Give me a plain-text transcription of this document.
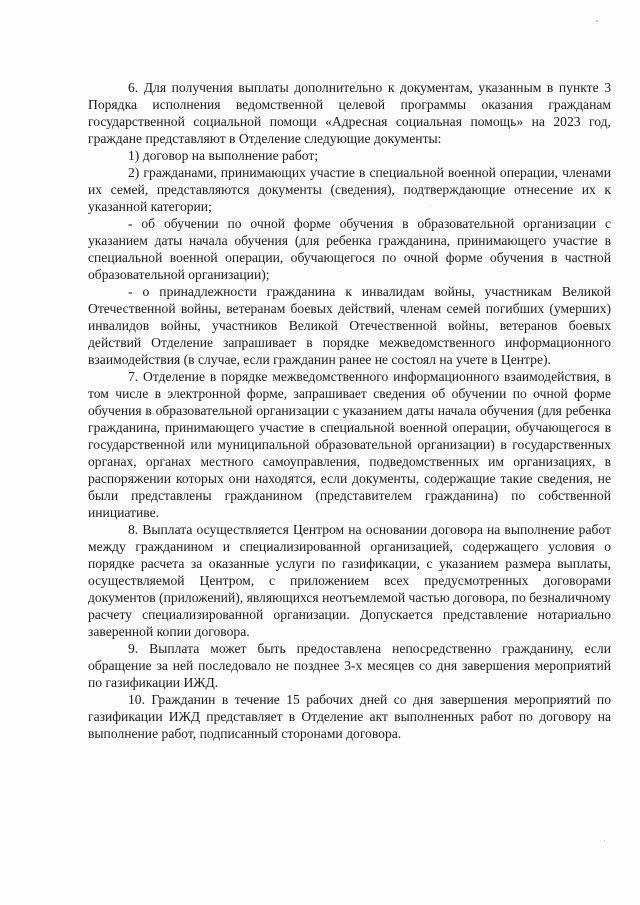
6. Для получения выплаты дополнительно к документам, указанным в пункте 3 Порядка исполнения ведомственной целевой программы оказания гражданам государственной социальной помощи «Адресная социальная помощь» на 2023 год, граждане представляют в Отделение следующие документы:

1) договор на выполнение работ;

2) гражданами, принимающих участие в специальной военной операции, членами их семей, представляются документы (сведения), подтверждающие отнесение их к указанной категории;

- об обучении по очной форме обучения в образовательной организации с указанием даты начала обучения (для ребенка гражданина, принимающего участие в специальной военной операции, обучающегося по очной форме обучения в частной образовательной организации);

- о принадлежности гражданина к инвалидам войны, участникам Великой Отечественной войны, ветеранам боевых действий, членам семей погибших (умерших) инвалидов войны, участников Великой Отечественной войны, ветеранов боевых действий Отделение запрашивает в порядке межведомственного информационного взаимодействия (в случае, если гражданин ранее не состоял на учете в Центре).

7. Отделение в порядке межведомственного информационного взаимодействия, в том числе в электронной форме, запрашивает сведения об обучении по очной форме обучения в образовательной организации с указанием даты начала обучения (для ребенка гражданина, принимающего участие в специальной военной операции, обучающегося в государственной или муниципальной образовательной организации) в государственных органах, органах местного самоуправления, подведомственных им организациях, в распоряжении которых они находятся, если документы, содержащие такие сведения, не были представлены гражданином (представителем гражданина) по собственной инициативе.

8. Выплата осуществляется Центром на основании договора на выполнение работ между гражданином и специализированной организацией, содержащего условия о порядке расчета за оказанные услуги по газификации, с указанием размера выплаты, осуществляемой Центром, с приложением всех предусмотренных договорами документов (приложений), являющихся неотъемлемой частью договора, по безналичному расчету специализированной организации. Допускается представление нотариально заверенной копии договора.

9. Выплата может быть предоставлена непосредственно гражданину, если обращение за ней последовало не позднее 3-х месяцев со дня завершения мероприятий по газификации ИЖД.

10. Гражданин в течение 15 рабочих дней со дня завершения мероприятий по газификации ИЖД представляет в Отделение акт выполненных работ по договору на выполнение работ, подписанный сторонами договора.
